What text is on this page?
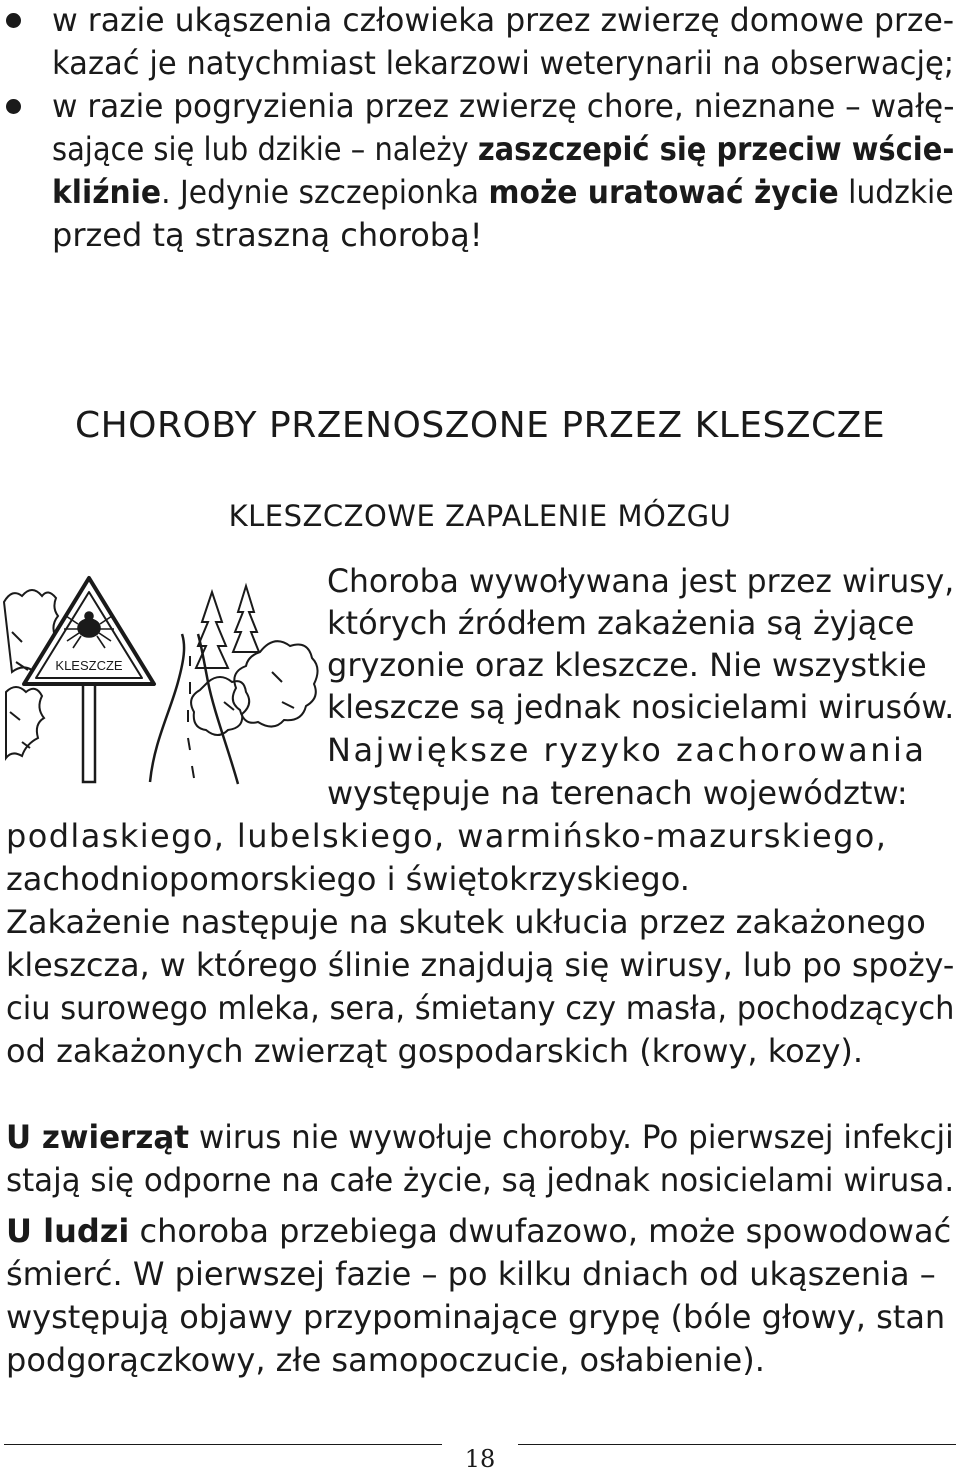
w razie ukąszenia człowieka przez zwierzę domowe prze-

kazać je natychmiast lekarzowi weterynarii na obserwację;

w razie pogryzienia przez zwierzę chore, nieznane – wałę-

sające się lub dzikie – należy zaszczepić się przeciw wście-

kliźnie. Jedynie szczepionka może uratować życie ludzkie

przed tą straszną chorobą!

CHOROBY PRZENOSZONE PRZEZ KLESZCZE
KLESZCZOWE ZAPALENIE MÓZGU
KLESZCZE

Choroba wywoływana jest przez wirusy,

których źródłem zakażenia są żyjące

gryzonie oraz kleszcze. Nie wszystkie

kleszcze są jednak nosicielami wirusów.

Największe ryzyko zachorowania

występuje na terenach województw:

podlaskiego, lubelskiego, warmińsko-mazurskiego,

zachodniopomorskiego i świętokrzyskiego.

Zakażenie następuje na skutek ukłucia przez zakażonego

kleszcza, w którego ślinie znajdują się wirusy, lub po spoży-

ciu surowego mleka, sera, śmietany czy masła, pochodzących

od zakażonych zwierząt gospodarskich (krowy, kozy).

U zwierząt wirus nie wywołuje choroby. Po pierwszej infekcji

stają się odporne na całe życie, są jednak nosicielami wirusa.

U ludzi choroba przebiega dwufazowo, może spowodować

śmierć. W pierwszej fazie – po kilku dniach od ukąszenia –

występują objawy przypominające grypę (bóle głowy, stan

podgorączkowy, złe samopoczucie, osłabienie).

18
